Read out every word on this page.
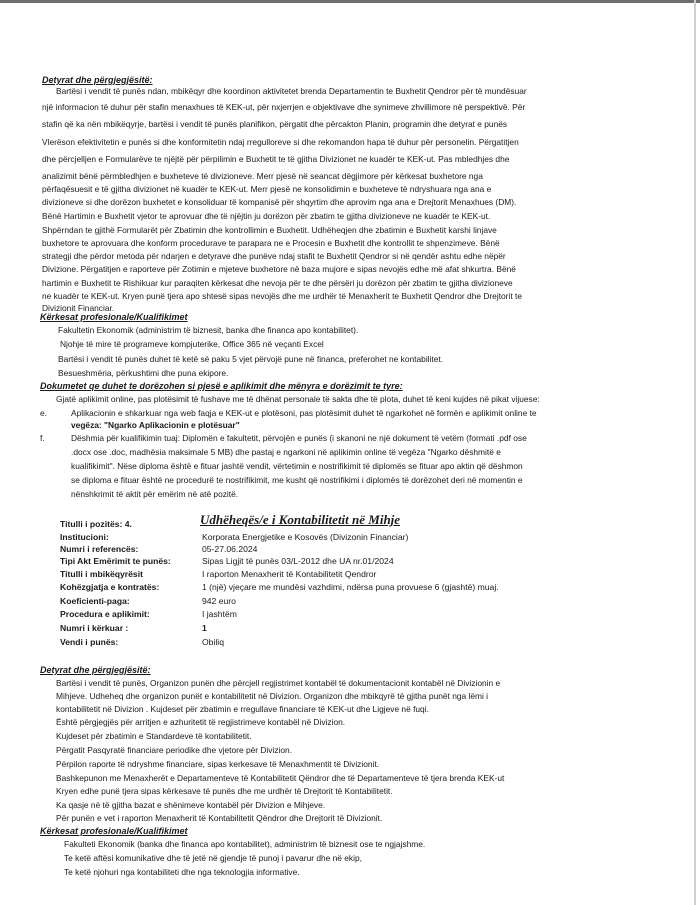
Detyrat dhe përgjegjësitë:
Bartësi i vendit të punës ndan, mbikëqyr dhe koordinon aktivitetet brenda Departamentin te Buxhetit Qendror për të mundësuar
një informacion të duhur për stafin menaxhues të KEK-ut, për nxjerrjen e objektivave dhe synimeve zhvillimore në perspektivë. Për
stafin që ka nën mbikëqyrje, bartësi i vendit të punës planifikon, përgatit dhe përcakton Planin, programin dhe detyrat e punës
Vlerëson efektivitetin e punës si dhe konformitetin ndaj rregulloreve si dhe rekomandon hapa të duhur për personelin. Përgatitjen
dhe përcjelljen e Formularëve te njëjtë për përpilimin e Buxhetit te të gjitha Divizionet ne kuadër te KEK-ut. Pas mbledhjes dhe
analizimit bënë përmbledhjen e buxheteve të divizioneve. Merr pjesë në seancat dëgjimore për kërkesat buxhetore nga
përfaqësuesit e të gjitha divizionet në kuadër te KEK-ut. Merr pjesë ne konsolidimin e buxheteve të ndryshuara nga ana e
divizioneve si dhe dorëzon buxhetet e konsoliduar të kompanisë për shqyrtim dhe aprovim nga ana e Drejtorit Menaxhues (DM).
Bënë Hartimin e Buxhetit vjetor te aprovuar dhe të njëjtin ju dorëzon për zbatim te gjitha divizioneve ne kuadër te KEK-ut.
Shpërndan te gjithë Formularët për Zbatimin dhe kontrollimin e Buxhetit. Udhëheqjen dhe zbatimin e Buxhetit karshi linjave
buxhetore te aprovuara dhe konform procedurave te parapara ne e Procesin e Buxhetit dhe kontrollit te shpenzimeve. Bënë
strategji dhe përdor metoda për ndarjen e detyrave dhe punëve ndaj stafit te Buxhetit Qendror si në qendër ashtu edhe nëpër
Divizione. Përgatitjen e raporteve për Zotimin e mjeteve buxhetore në baza mujore e sipas nevojës edhe më afat shkurtra. Bënë
hartimin e Buxhetit te Rishikuar kur paraqiten kërkesat dhe nevoja për te dhe përsëri ju dorëzon për zbatim te gjitha divizioneve
ne kuadër te KEK-ut. Kryen punë tjera apo shtesë sipas nevojës dhe me urdhër të Menaxherit te Buxhetit Qendror dhe Drejtorit te
Divizionit Financiar.
Kërkesat profesionale/Kualifikimet
Fakultetin Ekonomik (administrim të biznesit, banka dhe financa apo kontabilitet).
Njohje të mire të programeve kompjuterike, Office 365 në veçanti Excel
Bartësi i vendit të punës duhet të ketë së paku 5 vjet përvojë pune në financa, preferohet ne kontabilitet.
Besueshmëria, përkushtimi dhe puna ekipore.
Dokumetet qe duhet te dorëzohen si pjesë e aplikimit dhe mënyra e dorëzimit te tyre:
Gjatë aplikimit online, pas plotësimit të fushave me të dhënat personale të sakta dhe të plota, duhet të keni kujdes në pikat vijuese:
e.	Aplikacionin e shkarkuar nga web faqja e KEK-ut e plotësoni, pas plotësimit duhet të ngarkohet në formën e aplikimit online te
vegëza: "Ngarko Aplikacionin e plotësuar"
f.	Dëshmia për kualifikimin tuaj: Diplomën e fakultetit, përvojën e punës (i skanoni ne një dokument të vetëm (formati .pdf ose
.docx ose .doc, madhësia maksimale 5 MB) dhe pastaj e ngarkoni në aplikimin online të vegëza "Ngarko dëshmitë e
kualifikimit". Nëse diploma është e fituar jashtë vendit, vërtetimin e nostrifikimit të diplomës se fituar apo aktin që dëshmon
se diploma e fituar është ne procedurë te nostrifikimit, me kusht që nostrifikimi i diplomës të dorëzohet deri në momentin e
nënshkrimit të aktit për emërim në atë pozitë.
Titulli i pozitës: 4.	Udhëheqës/e i Kontabilitetit në Mihje
Institucioni:	Korporata Energjetike e Kosovës (Divizonin Financiar)
Numri i referencës:	05-27.06.2024
Tipi Akt Emërimit te punës:	Sipas Ligjit të punës 03/L-2012 dhe UA nr.01/2024
Titulli i mbikëqyrësit	I raporton Menaxherit të Kontabilitetit Qendror
Kohëzgjatja e kontratës:	1 (një) vjeçare me mundësi vazhdimi, ndërsa puna provuese 6 (gjashtë) muaj.
Koeficienti-paga:	942 euro
Procedura e aplikimit:	I jashtëm
Numri i kërkuar :	1
Vendi i punës:	Obiliq
Detyrat dhe përgjegjësitë:
Bartësi i vendit të punës, Organizon punën dhe përcjell regjistrimet kontabël të dokumentacionit kontabël në Divizionin e
Mihjeve. Udheheq dhe organizon punët e kontabilitetit në Divizion. Organizon dhe mbikqyrë të gjitha punët nga lëmi i
kontabilitetit në Divizion . Kujdeset për zbatimin e rregullave financiare të KEK-ut dhe Ligjeve në fuqi.
Është përgjegjës për arritjen e azhuritetit të regjistrimeve kontabël në Divizion.
Kujdeset për zbatimin e Standardeve të kontabilitetit.
Përgatit Pasqyratë financiare periodike dhe vjetore për Divizion.
Përpilon raporte të ndryshme financiare, sipas kerkesave të Menaxhmentit të Divizionit.
Bashkepunon me Menaxherët e Departamenteve të Kontabilitetit Qëndror dhe të Departamenteve të tjera brenda KEK-ut
Kryen edhe punë tjera sipas kërkesave të punës dhe me urdhër të Drejtorit të Kontabilitetit.
Ka qasje në të gjitha bazat e shënimeve kontabël për Divizion e Mihjeve.
Për punën e vet i raporton Menaxherit të Kontabilitetit Qëndror dhe Drejtorit të Divizionit.
Kërkesat profesionale/Kualifikimet
Fakulteti Ekonomik (banka dhe financa apo kontabilitet), administrim të biznesit ose te ngjajshme.
Te ketë aftësi komunikative dhe të jetë në gjendje të punoj i pavarur dhe në ekip,
Te ketë njohuri nga kontabiliteti dhe nga teknologjia informative.
